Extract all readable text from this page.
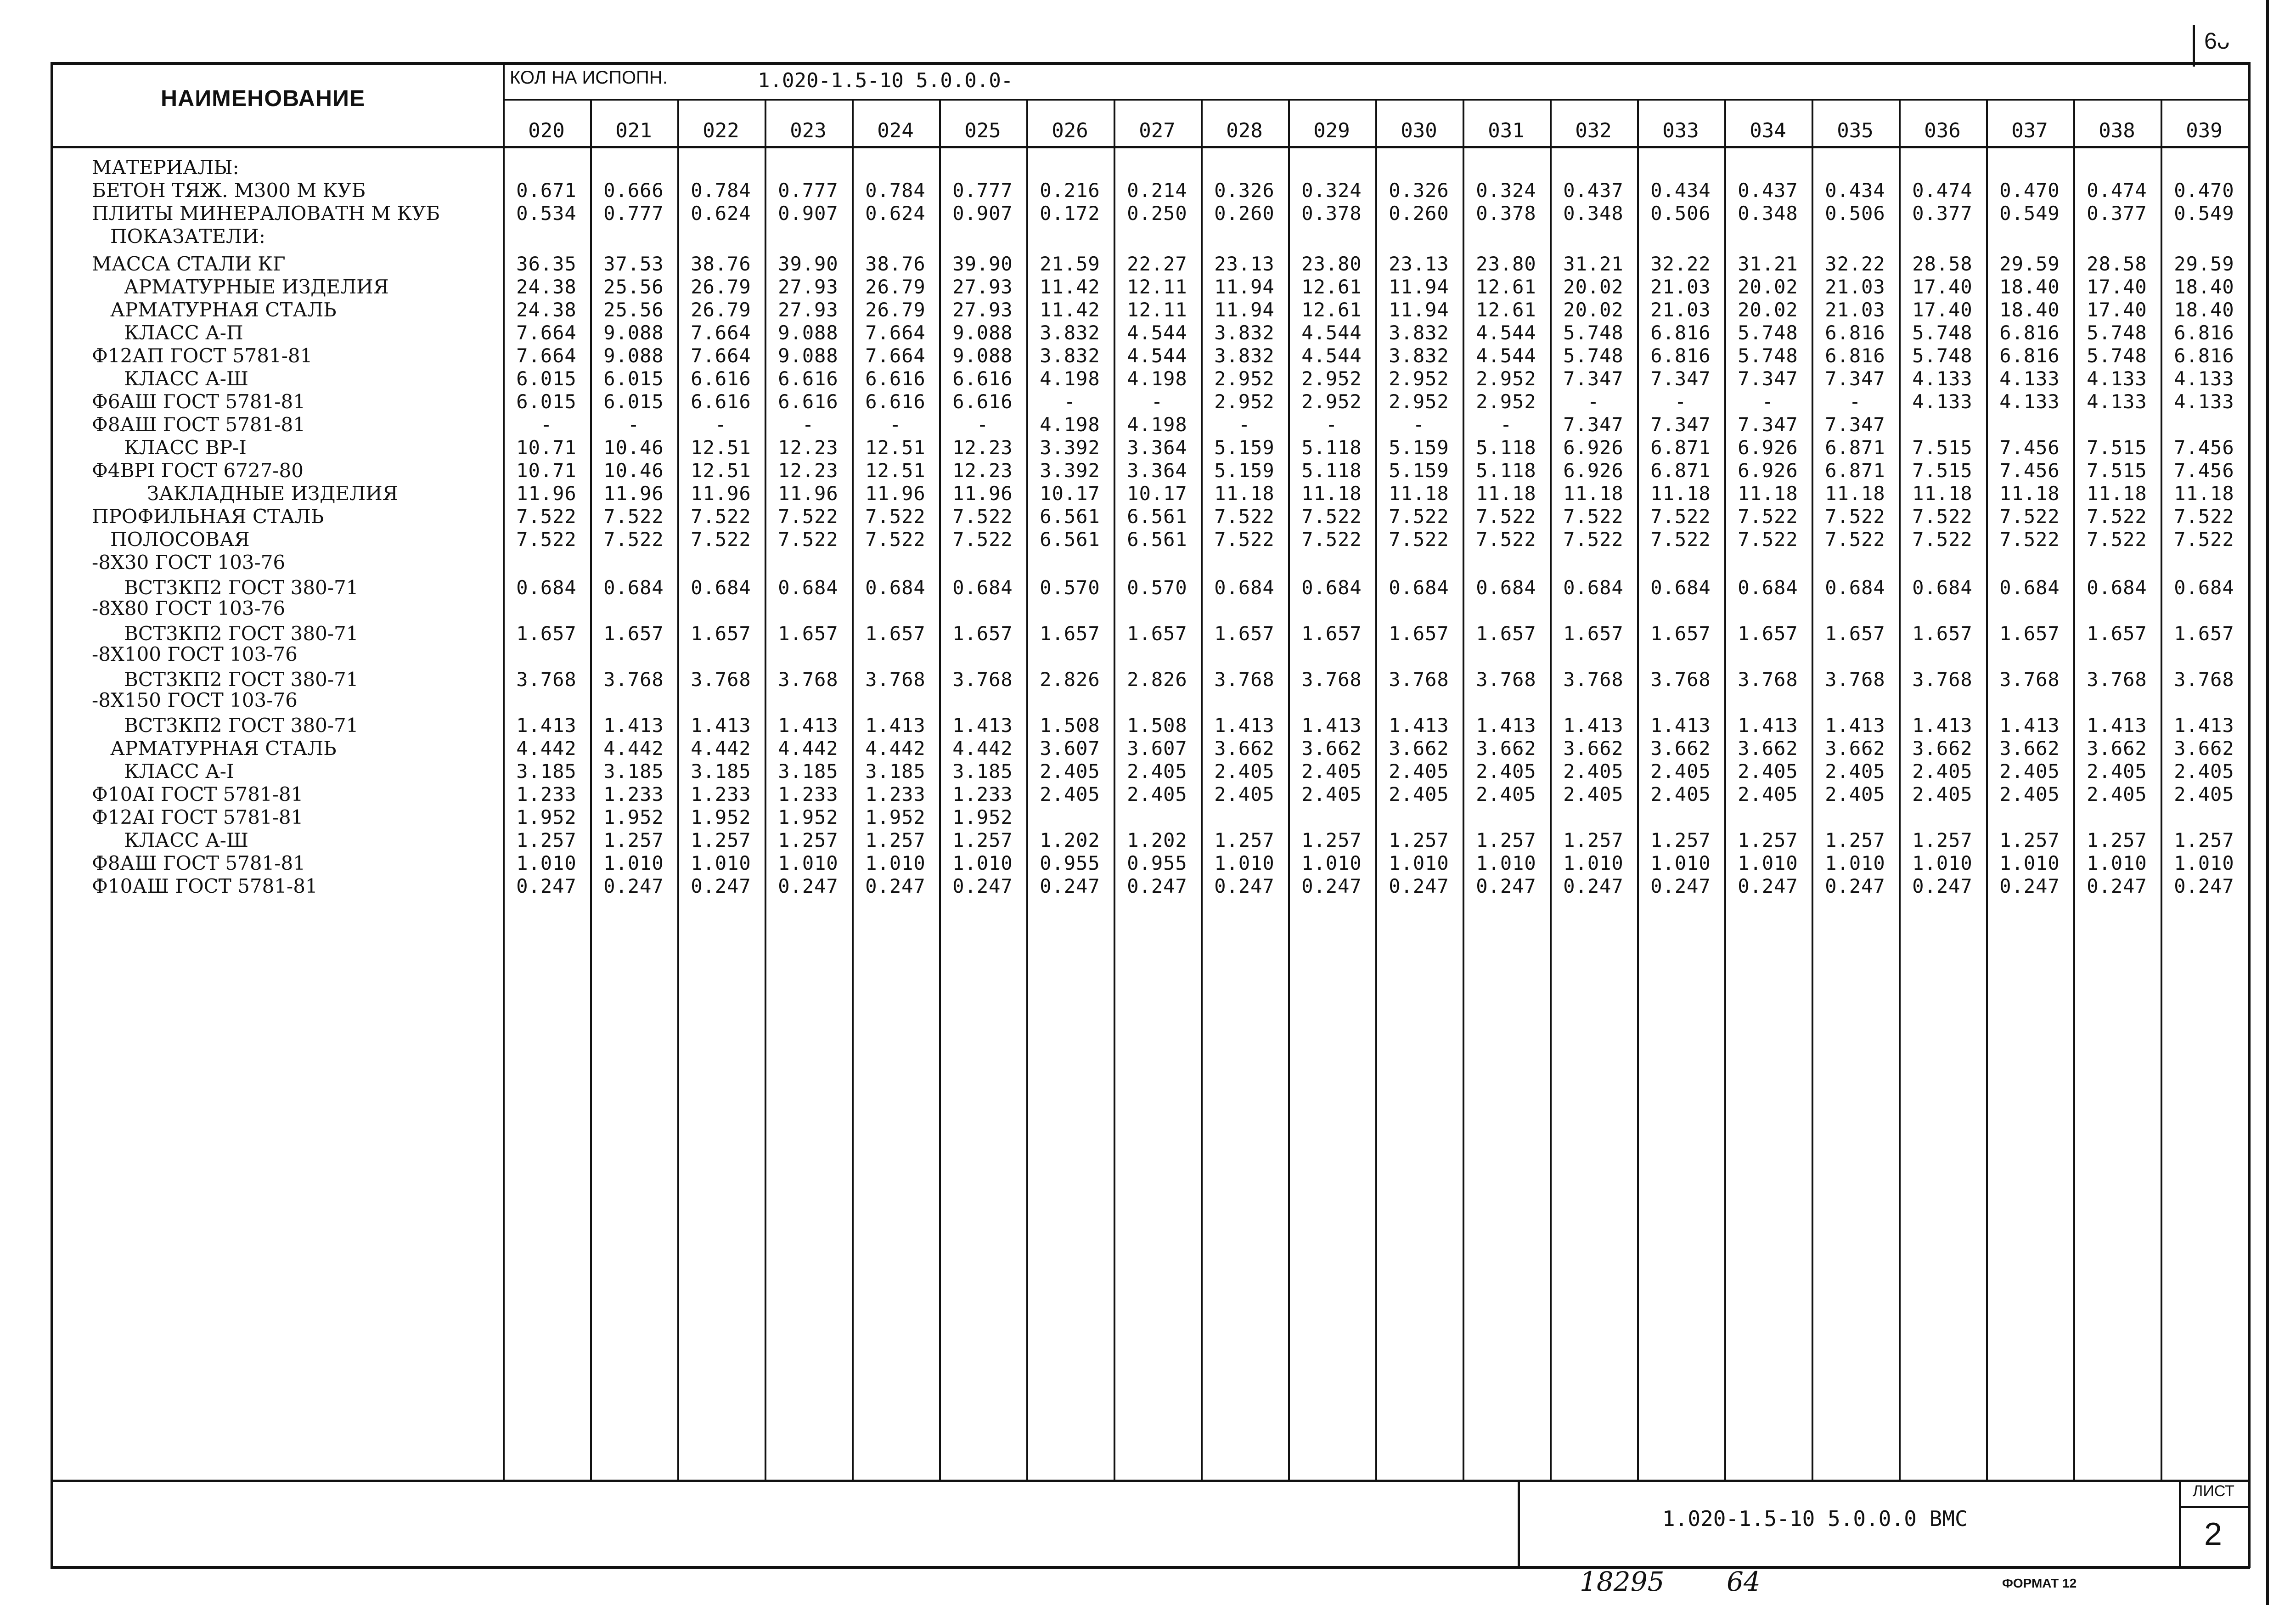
6ᴗ
НАИМЕНОВАНИЕ
КОЛ НА ИСПОПН.	1.020-1.5-10 5.0.0.0-
020	021	022	023	024	025	026	027	028	029	030	031	032	033	034	035	036	037	038	039
МАТЕРИАЛЫ:
БЕТОН ТЯЖ. М300 М КУБ	0.671	0.666	0.784	0.777	0.784	0.777	0.216	0.214	0.326	0.324	0.326	0.324	0.437	0.434	0.437	0.434	0.474	0.470	0.474	0.470
ПЛИТЫ МИНЕРАЛОВАТН М КУБ	0.534	0.777	0.624	0.907	0.624	0.907	0.172	0.250	0.260	0.378	0.260	0.378	0.348	0.506	0.348	0.506	0.377	0.549	0.377	0.549
ПОКАЗАТЕЛИ:
МАССА СТАЛИ КГ	36.35	37.53	38.76	39.90	38.76	39.90	21.59	22.27	23.13	23.80	23.13	23.80	31.21	32.22	31.21	32.22	28.58	29.59	28.58	29.59
АРМАТУРНЫЕ ИЗДЕЛИЯ	24.38	25.56	26.79	27.93	26.79	27.93	11.42	12.11	11.94	12.61	11.94	12.61	20.02	21.03	20.02	21.03	17.40	18.40	17.40	18.40
АРМАТУРНАЯ СТАЛЬ	24.38	25.56	26.79	27.93	26.79	27.93	11.42	12.11	11.94	12.61	11.94	12.61	20.02	21.03	20.02	21.03	17.40	18.40	17.40	18.40
КЛАСС А-П	7.664	9.088	7.664	9.088	7.664	9.088	3.832	4.544	3.832	4.544	3.832	4.544	5.748	6.816	5.748	6.816	5.748	6.816	5.748	6.816
Ф12АП ГОСТ 5781-81	7.664	9.088	7.664	9.088	7.664	9.088	3.832	4.544	3.832	4.544	3.832	4.544	5.748	6.816	5.748	6.816	5.748	6.816	5.748	6.816
КЛАСС А-Ш	6.015	6.015	6.616	6.616	6.616	6.616	4.198	4.198	2.952	2.952	2.952	2.952	7.347	7.347	7.347	7.347	4.133	4.133	4.133	4.133
Ф6АШ ГОСТ 5781-81	6.015	6.015	6.616	6.616	6.616	6.616	-	-	2.952	2.952	2.952	2.952	-	-	-	-	4.133	4.133	4.133	4.133
Ф8АШ ГОСТ 5781-81	-	-	-	-	-	-	4.198	4.198	-	-	-	-	7.347	7.347	7.347	7.347
КЛАСС ВР-I	10.71	10.46	12.51	12.23	12.51	12.23	3.392	3.364	5.159	5.118	5.159	5.118	6.926	6.871	6.926	6.871	7.515	7.456	7.515	7.456
Ф4ВРI ГОСТ 6727-80	10.71	10.46	12.51	12.23	12.51	12.23	3.392	3.364	5.159	5.118	5.159	5.118	6.926	6.871	6.926	6.871	7.515	7.456	7.515	7.456
ЗАКЛАДНЫЕ ИЗДЕЛИЯ	11.96	11.96	11.96	11.96	11.96	11.96	10.17	10.17	11.18	11.18	11.18	11.18	11.18	11.18	11.18	11.18	11.18	11.18	11.18	11.18
ПРОФИЛЬНАЯ СТАЛЬ	7.522	7.522	7.522	7.522	7.522	7.522	6.561	6.561	7.522	7.522	7.522	7.522	7.522	7.522	7.522	7.522	7.522	7.522	7.522	7.522
ПОЛОСОВАЯ	7.522	7.522	7.522	7.522	7.522	7.522	6.561	6.561	7.522	7.522	7.522	7.522	7.522	7.522	7.522	7.522	7.522	7.522	7.522	7.522
-8Х30 ГОСТ 103-76
ВСТ3КП2 ГОСТ 380-71	0.684	0.684	0.684	0.684	0.684	0.684	0.570	0.570	0.684	0.684	0.684	0.684	0.684	0.684	0.684	0.684	0.684	0.684	0.684	0.684
-8Х80 ГОСТ 103-76
ВСТ3КП2 ГОСТ 380-71	1.657	1.657	1.657	1.657	1.657	1.657	1.657	1.657	1.657	1.657	1.657	1.657	1.657	1.657	1.657	1.657	1.657	1.657	1.657	1.657
-8Х100 ГОСТ 103-76
ВСТ3КП2 ГОСТ 380-71	3.768	3.768	3.768	3.768	3.768	3.768	2.826	2.826	3.768	3.768	3.768	3.768	3.768	3.768	3.768	3.768	3.768	3.768	3.768	3.768
-8Х150 ГОСТ 103-76
ВСТ3КП2 ГОСТ 380-71	1.413	1.413	1.413	1.413	1.413	1.413	1.508	1.508	1.413	1.413	1.413	1.413	1.413	1.413	1.413	1.413	1.413	1.413	1.413	1.413
АРМАТУРНАЯ СТАЛЬ	4.442	4.442	4.442	4.442	4.442	4.442	3.607	3.607	3.662	3.662	3.662	3.662	3.662	3.662	3.662	3.662	3.662	3.662	3.662	3.662
КЛАСС А-I	3.185	3.185	3.185	3.185	3.185	3.185	2.405	2.405	2.405	2.405	2.405	2.405	2.405	2.405	2.405	2.405	2.405	2.405	2.405	2.405
Ф10АI ГОСТ 5781-81	1.233	1.233	1.233	1.233	1.233	1.233	2.405	2.405	2.405	2.405	2.405	2.405	2.405	2.405	2.405	2.405	2.405	2.405	2.405	2.405
Ф12АI ГОСТ 5781-81	1.952	1.952	1.952	1.952	1.952	1.952
КЛАСС А-Ш	1.257	1.257	1.257	1.257	1.257	1.257	1.202	1.202	1.257	1.257	1.257	1.257	1.257	1.257	1.257	1.257	1.257	1.257	1.257	1.257
Ф8АШ ГОСТ 5781-81	1.010	1.010	1.010	1.010	1.010	1.010	0.955	0.955	1.010	1.010	1.010	1.010	1.010	1.010	1.010	1.010	1.010	1.010	1.010	1.010
Ф10АШ ГОСТ 5781-81	0.247	0.247	0.247	0.247	0.247	0.247	0.247	0.247	0.247	0.247	0.247	0.247	0.247	0.247	0.247	0.247	0.247	0.247	0.247	0.247
1.020-1.5-10 5.0.0.0 ВМС
ЛИСТ
2
18295 64	ФОРМАТ 12
